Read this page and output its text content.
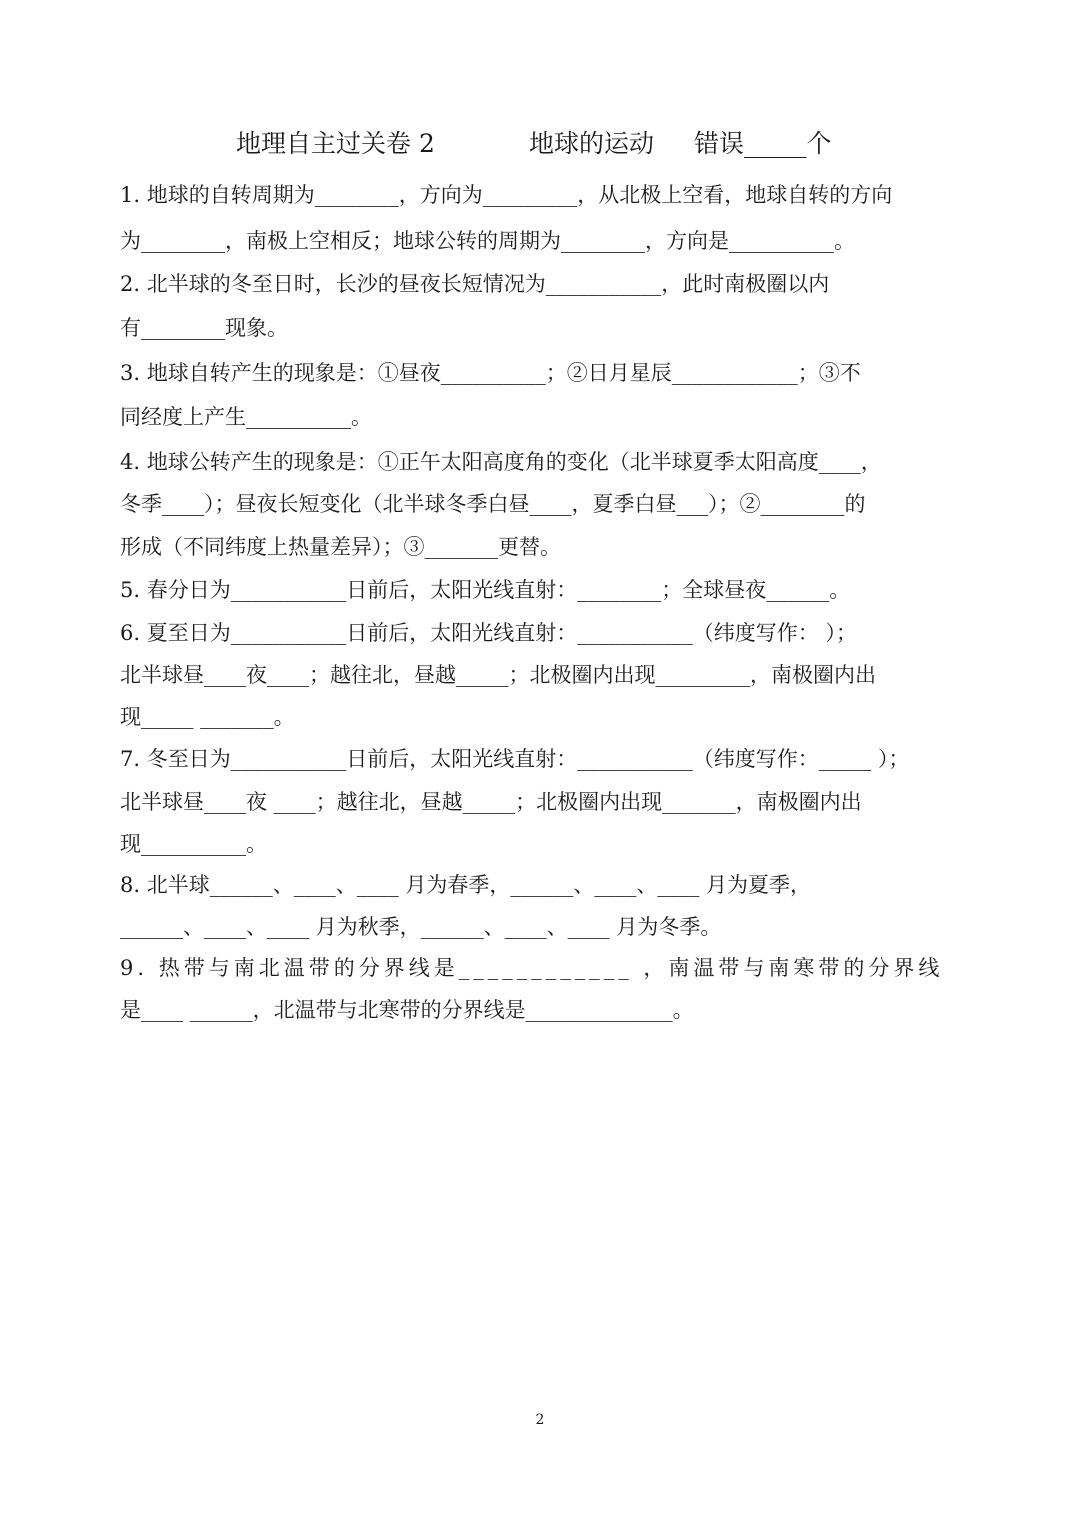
地理自主过关卷 2	地球的运动 错误_____个
1. 地球的自转周期为________，方向为_________，从北极上空看，地球自转的方向
为________，南极上空相反；地球公转的周期为________，方向是__________。
2. 北半球的冬至日时，长沙的昼夜长短情况为___________，此时南极圈以内
有________现象。
3. 地球自转产生的现象是：①昼夜__________；②日月星辰____________；③不
同经度上产生__________。
4. 地球公转产生的现象是：①正午太阳高度角的变化（北半球夏季太阳高度____，
冬季____）；昼夜长短变化（北半球冬季白昼____，夏季白昼___）；②________的
形成（不同纬度上热量差异）；③_______更替。
5. 春分日为___________日前后，太阳光线直射：________；全球昼夜______。
6. 夏至日为___________日前后，太阳光线直射：___________（纬度写作： ）；
北半球昼____夜____；越往北，昼越_____；北极圈内出现_________，南极圈内出
现_____ _______。
7. 冬至日为___________日前后，太阳光线直射：___________（纬度写作：_____ ）；
北半球昼____夜 ____；越往北，昼越_____；北极圈内出现_______，南极圈内出
现__________。
8. 北半球______、____、____ 月为春季，______、____、____ 月为夏季，
______、____、____ 月为秋季，______、____、____ 月为冬季。
9. 热带与南北温带的分界线是____________ ，南温带与南寒带的分界线
是____ ______，北温带与北寒带的分界线是______________。
2
